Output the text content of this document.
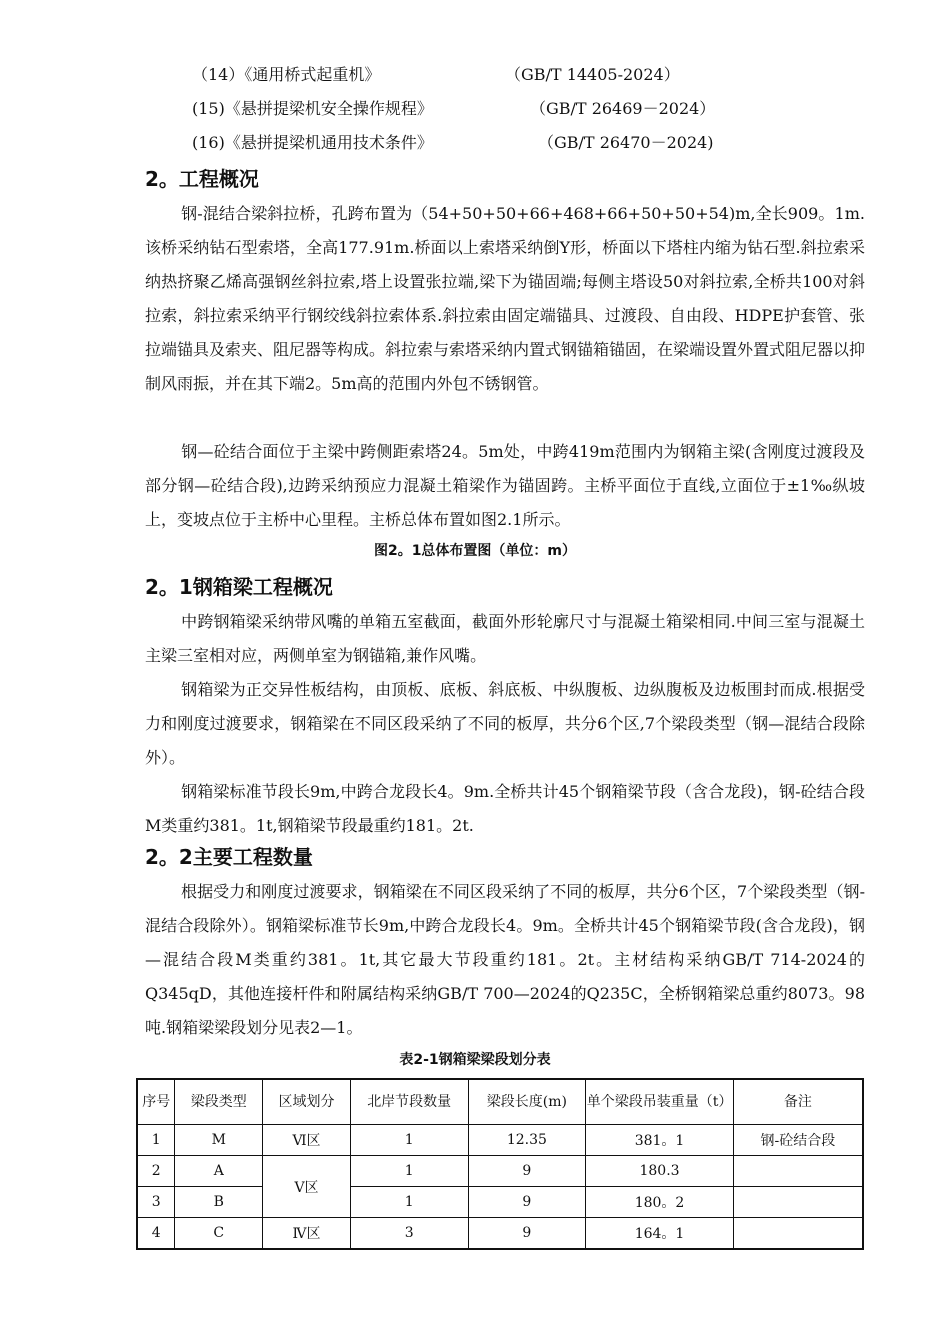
（14）《通用桥式起重机》	（GB/T 14405-2024）
(15)《悬拼提梁机安全操作规程》	（GB/T 26469－2024）
(16)《悬拼提梁机通用技术条件》	（GB/T 26470－2024)
2。工程概况
钢-混结合梁斜拉桥，孔跨布置为（54+50+50+66+468+66+50+50+54)m,全长909。1m.该桥采纳钻石型索塔，全高177.91m.桥面以上索塔采纳倒Y形，桥面以下塔柱内缩为钻石型.斜拉索采纳热挤聚乙烯高强钢丝斜拉索,塔上设置张拉端,梁下为锚固端;每侧主塔设50对斜拉索,全桥共100对斜拉索，斜拉索采纳平行钢绞线斜拉索体系.斜拉索由固定端锚具、过渡段、自由段、HDPE护套管、张拉端锚具及索夹、阻尼器等构成。斜拉索与索塔采纳内置式钢锚箱锚固，在梁端设置外置式阻尼器以抑制风雨振，并在其下端2。5m高的范围内外包不锈钢管。
钢—砼结合面位于主梁中跨侧距索塔24。5m处，中跨419m范围内为钢箱主梁(含刚度过渡段及部分钢—砼结合段),边跨采纳预应力混凝土箱梁作为锚固跨。主桥平面位于直线,立面位于±1‰纵坡上，变坡点位于主桥中心里程。主桥总体布置如图2.1所示。
图2。1总体布置图（单位：m）
2。1钢箱梁工程概况
中跨钢箱梁采纳带风嘴的单箱五室截面，截面外形轮廓尺寸与混凝土箱梁相同.中间三室与混凝土主梁三室相对应，两侧单室为钢锚箱,兼作风嘴。
钢箱梁为正交异性板结构，由顶板、底板、斜底板、中纵腹板、边纵腹板及边板围封而成.根据受力和刚度过渡要求，钢箱梁在不同区段采纳了不同的板厚，共分6个区,7个梁段类型（钢—混结合段除外）。
钢箱梁标准节段长9m,中跨合龙段长4。9m.全桥共计45个钢箱梁节段（含合龙段)，钢-砼结合段M类重约381。1t,钢箱梁节段最重约181。2t.
2。2主要工程数量
根据受力和刚度过渡要求，钢箱梁在不同区段采纳了不同的板厚，共分6个区，7个梁段类型（钢-混结合段除外）。钢箱梁标准节长9m,中跨合龙段长4。9m。全桥共计45个钢箱梁节段(含合龙段)，钢—混结合段M类重约381。1t,其它最大节段重约181。2t。主材结构采纳GB/T 714-2024的Q345qD，其他连接杆件和附属结构采纳GB/T 700—2024的Q235C，全桥钢箱梁总重约8073。98吨.钢箱梁梁段划分见表2—1。
表2-1钢箱梁梁段划分表
序号	梁段类型	区域划分	北岸节段数量	梁段长度(m)	单个梁段吊装重量（t）	备注
1	M	Ⅵ区	1	12.35	381。1	钢-砼结合段
2	A	Ⅴ区	1	9	180.3	
3	B		1	9	180。2	
4	C	Ⅳ区	3	9	164。1	
